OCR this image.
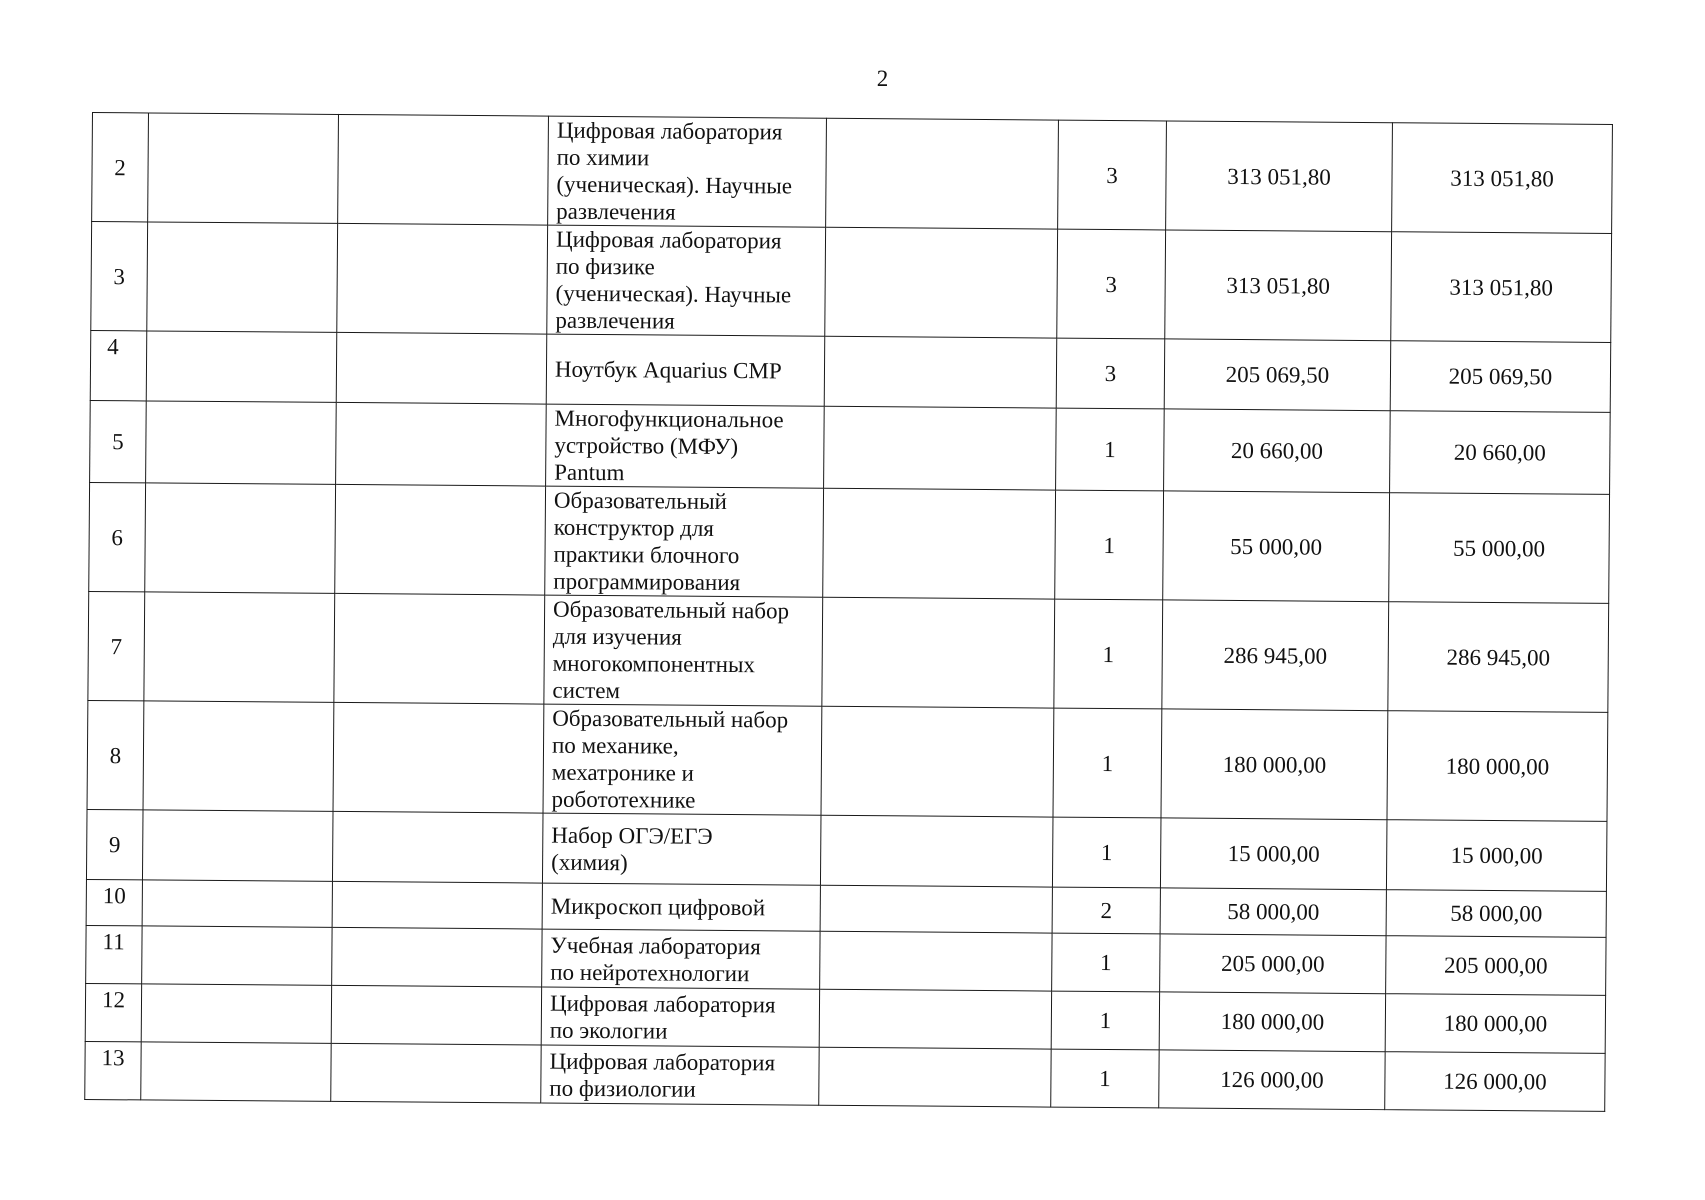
2
2			Цифровая лаборатория
по химии
(ученическая). Научные
развлечения		3	313 051,80	313 051,80
3			Цифровая лаборатория
по физике
(ученическая). Научные
развлечения		3	313 051,80	313 051,80
4			Ноутбук Aquarius CMP		3	205 069,50	205 069,50
5			Многофункциональное
устройство (МФУ)
Pantum		1	20 660,00	20 660,00
6			Образовательный
конструктор для
практики блочного
программирования		1	55 000,00	55 000,00
7			Образовательный набор
для изучения
многокомпонентных
систем		1	286 945,00	286 945,00
8			Образовательный набор
по механике,
мехатронике и
робототехнике		1	180 000,00	180 000,00
9			Набор ОГЭ/ЕГЭ
(химия)		1	15 000,00	15 000,00
10			Микроскоп цифровой		2	58 000,00	58 000,00
11			Учебная лаборатория
по нейротехнологии		1	205 000,00	205 000,00
12			Цифровая лаборатория
по экологии		1	180 000,00	180 000,00
13			Цифровая лаборатория
по физиологии		1	126 000,00	126 000,00
